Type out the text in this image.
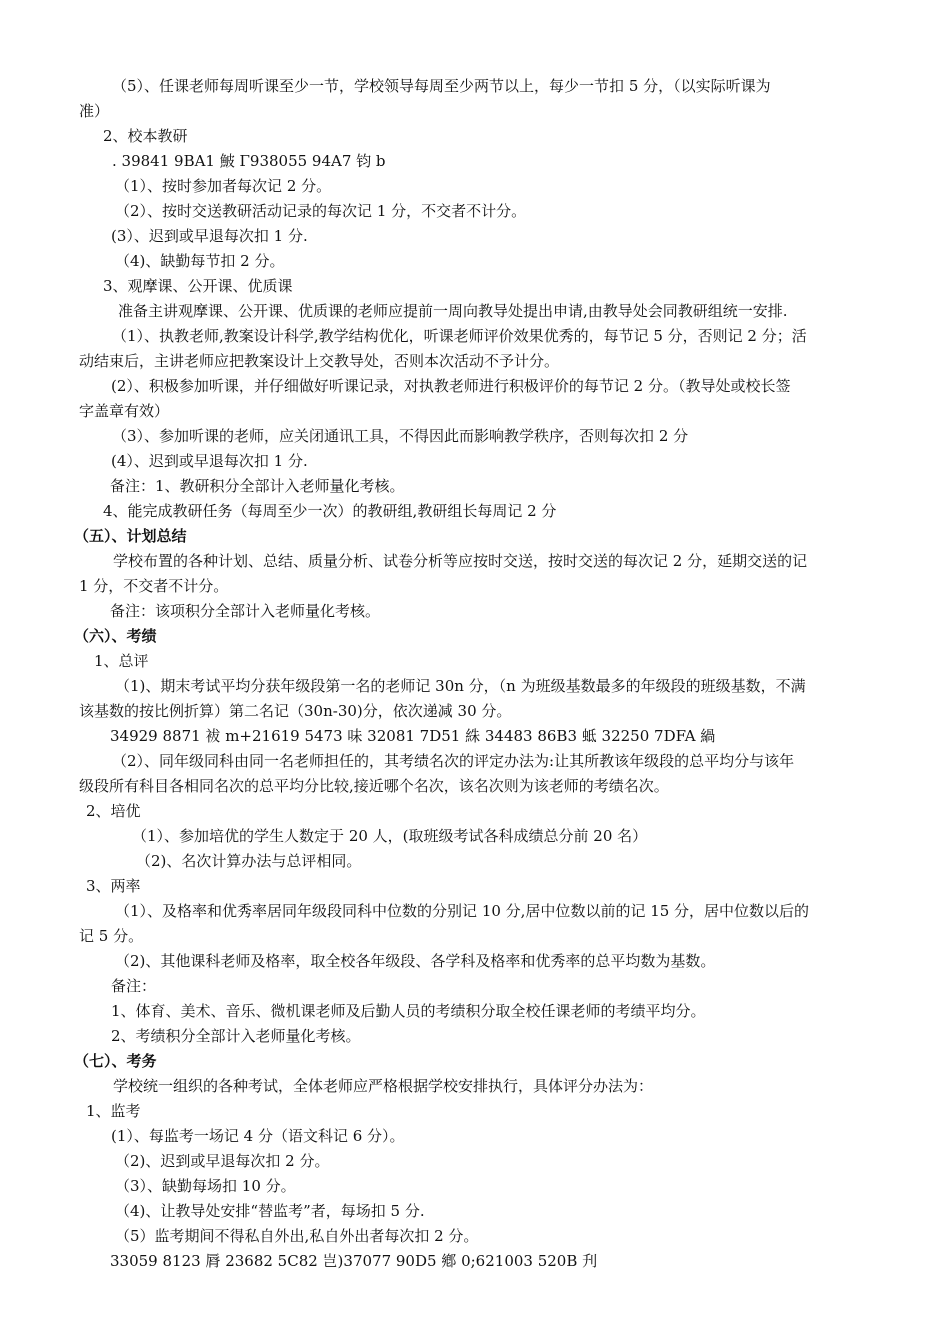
（5）、任课老师每周听课至少一节，学校领导每周至少两节以上，每少一节扣 5 分，（以实际听课为
准）
2、校本教研
. 39841 9BA1 鮍 Γ938055 94A7 钧 b
（1）、按时参加者每次记 2 分。
（2）、按时交送教研活动记录的每次记 1 分，不交者不计分。
(3）、迟到或早退每次扣 1 分.
（4)、缺勤每节扣 2 分。
3、观摩课、公开课、优质课
准备主讲观摩课、公开课、优质课的老师应提前一周向教导处提出申请,由教导处会同教研组统一安排.
（1）、执教老师,教案设计科学,教学结构优化，听课老师评价效果优秀的，每节记 5 分，否则记 2 分；活
动结束后，主讲老师应把教案设计上交教导处，否则本次活动不予计分。
(2）、积极参加听课，并仔细做好听课记录，对执教老师进行积极评价的每节记 2 分。（教导处或校长签
字盖章有效）
（3）、参加听课的老师，应关闭通讯工具，不得因此而影响教学秩序，否则每次扣 2 分
(4）、迟到或早退每次扣 1 分.
备注：1、教研积分全部计入老师量化考核。
4、能完成教研任务（每周至少一次）的教研组,教研组长每周记 2 分
（五）、计划总结
学校布置的各种计划、总结、质量分析、试卷分析等应按时交送，按时交送的每次记 2 分，延期交送的记
1 分，不交者不计分。
备注：该项积分全部计入老师量化考核。
（六）、考绩
1、总评
（1)、期末考试平均分获年级段第一名的老师记 30n 分，（n 为班级基数最多的年级段的班级基数，不满
该基数的按比例折算）第二名记（30n-30)分，依次递减 30 分。
34929 8871 袚 m+21619 5473 味 32081 7D51 絑 34483 86B3 蚳 32250 7DFA 緺
（2）、同年级同科由同一名老师担任的，其考绩名次的评定办法为:让其所教该年级段的总平均分与该年
级段所有科目各相同名次的总平均分比较,接近哪个名次，该名次则为该老师的考绩名次。
2、培优
（1）、参加培优的学生人数定于 20 人，(取班级考试各科成绩总分前 20 名）
（2)、名次计算办法与总评相同。
3、两率
（1）、及格率和优秀率居同年级段同科中位数的分别记 10 分,居中位数以前的记 15 分，居中位数以后的
记 5 分。
（2)、其他课科老师及格率，取全校各年级段、各学科及格率和优秀率的总平均数为基数。
备注：
1、体育、美术、音乐、微机课老师及后勤人员的考绩积分取全校任课老师的考绩平均分。
2、考绩积分全部计入老师量化考核。
（七）、考务
学校统一组织的各种考试，全体老师应严格根据学校安排执行，具体评分办法为：
1、监考
(1）、每监考一场记 4 分（语文科记 6 分）。
（2)、迟到或早退每次扣 2 分。
（3）、缺勤每场扣 10 分。
（4)、让教导处安排“替监考”者，每场扣 5 分.
（5）监考期间不得私自外出,私自外出者每次扣 2 分。
33059 8123 脣 23682 5C82 岂)37077 90D5 鄕 0;621003 520B 刋
